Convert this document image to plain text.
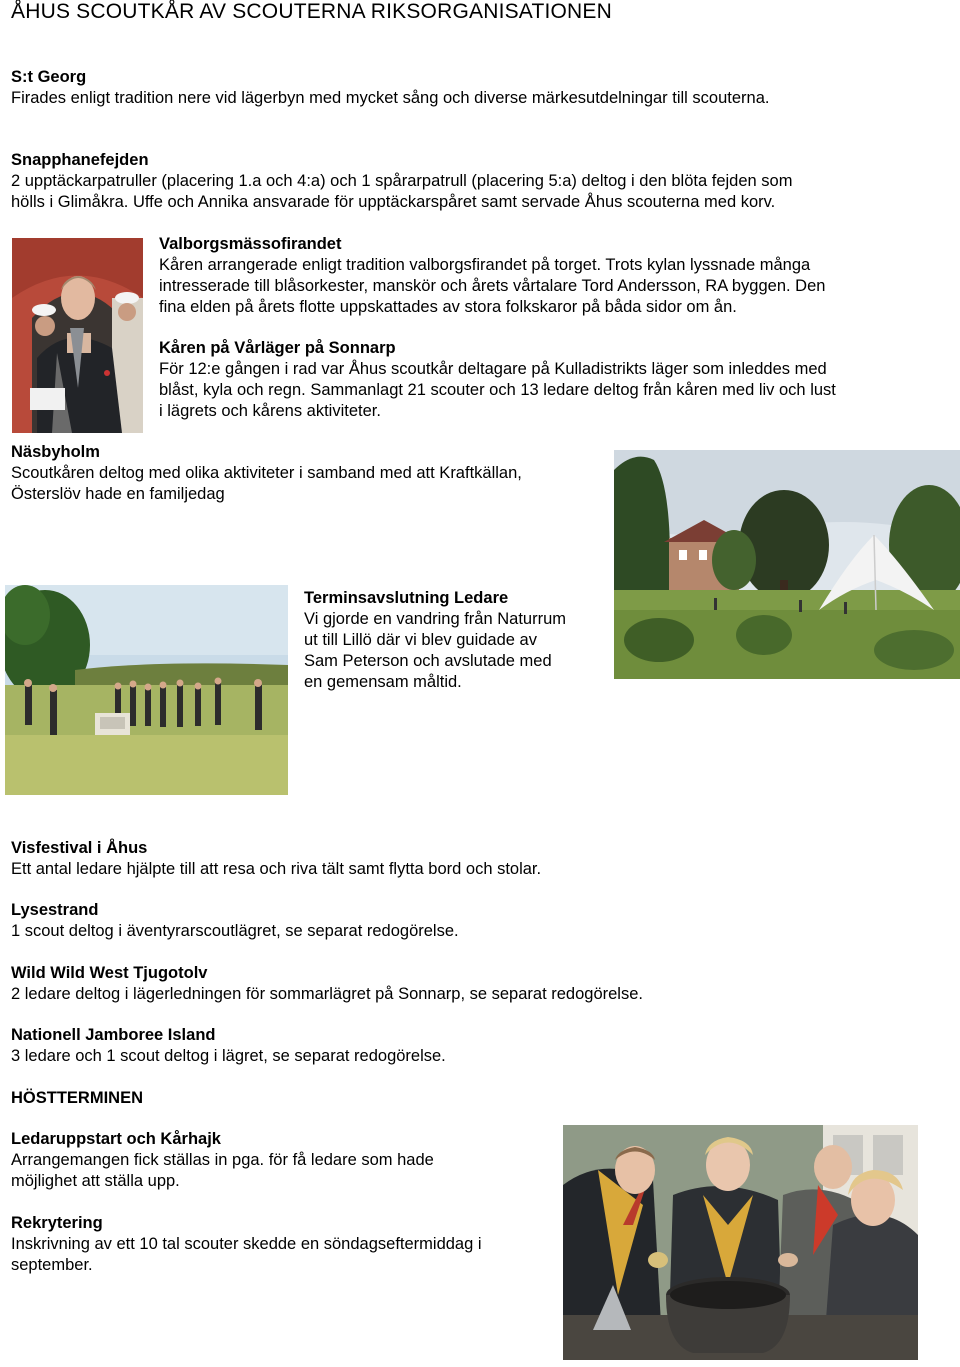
ÅHUS SCOUTKÅR AV SCOUTERNA RIKSORGANISATIONEN

S:t Georg

Firades enligt tradition nere vid lägerbyn med mycket sång och diverse märkesutdelningar till scouterna.

Snapphanefejden

2 upptäckarpatruller (placering 1.a och 4:a) och 1 spårarpatrull (placering 5:a) deltog i den blöta fejden som

hölls i Glimåkra. Uffe och Annika ansvarade för upptäckarspåret samt servade Åhus scouterna med korv.

Valborgsmässofirandet

Kåren arrangerade enligt tradition valborgsfirandet på torget. Trots kylan lyssnade många

intresserade till blåsorkester, manskör och årets vårtalare Tord Andersson, RA byggen. Den

fina elden på årets flotte uppskattades av stora folkskaror på båda sidor om ån.

Kåren på Vårläger på Sonnarp

För 12:e gången i rad var Åhus scoutkår deltagare på Kulladistrikts läger som inleddes med

blåst, kyla och regn. Sammanlagt 21 scouter och 13 ledare deltog från kåren med liv och lust

i lägrets och kårens aktiviteter.

Näsbyholm

Scoutkåren deltog med olika aktiviteter i samband med att Kraftkällan,

Österslöv hade en familjedag

Terminsavslutning Ledare

Vi gjorde en vandring från Naturrum

ut till Lillö där vi blev guidade av

Sam Peterson och avslutade med

en gemensam måltid.

Visfestival i Åhus

Ett antal ledare hjälpte till att resa och riva tält samt flytta bord och stolar.

Lysestrand

1 scout deltog i äventyrarscoutlägret, se separat redogörelse.

Wild Wild West Tjugotolv

2 ledare deltog i lägerledningen för sommarlägret på Sonnarp, se separat redogörelse.

Nationell Jamboree Island

3 ledare och 1 scout deltog i lägret, se separat redogörelse.

HÖSTTERMINEN

Ledaruppstart och Kårhajk

Arrangemangen fick ställas in pga. för få ledare som hade

möjlighet att ställa upp.

Rekrytering

Inskrivning av ett 10 tal scouter skedde en söndagseftermiddag i

september.
